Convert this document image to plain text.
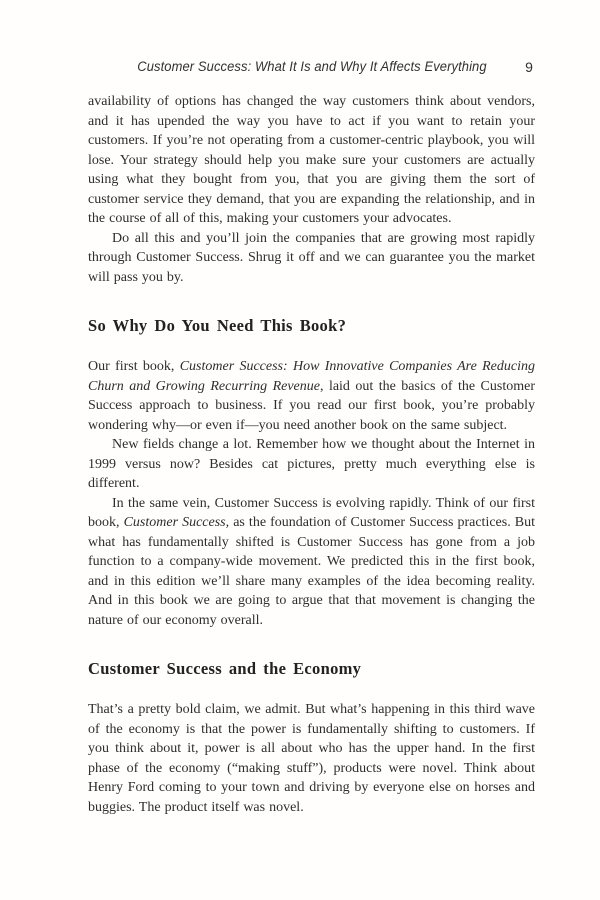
Customer Success: What It Is and Why It Affects Everything	9

availability of options has changed the way customers think about vendors, and it has upended the way you have to act if you want to retain your customers. If you’re not operating from a customer-centric playbook, you will lose. Your strategy should help you make sure your customers are actually using what they bought from you, that you are giving them the sort of customer service they demand, that you are expanding the relationship, and in the course of all of this, making your customers your advocates.

Do all this and you’ll join the companies that are growing most rapidly through Customer Success. Shrug it off and we can guarantee you the market will pass you by.

So Why Do You Need This Book?

Our first book, Customer Success: How Innovative Companies Are Reducing Churn and Growing Recurring Revenue, laid out the basics of the Customer Success approach to business. If you read our first book, you’re probably wondering why—or even if—you need another book on the same subject.

New fields change a lot. Remember how we thought about the Internet in 1999 versus now? Besides cat pictures, pretty much everything else is different.

In the same vein, Customer Success is evolving rapidly. Think of our first book, Customer Success, as the foundation of Customer Success practices. But what has fundamentally shifted is Customer Success has gone from a job function to a company-wide movement. We predicted this in the first book, and in this edition we’ll share many examples of the idea becoming reality. And in this book we are going to argue that that movement is changing the nature of our economy overall.

Customer Success and the Economy

That’s a pretty bold claim, we admit. But what’s happening in this third wave of the economy is that the power is fundamentally shifting to customers. If you think about it, power is all about who has the upper hand. In the first phase of the economy (“making stuff”), products were novel. Think about Henry Ford coming to your town and driving by everyone else on horses and buggies. The product itself was novel.
